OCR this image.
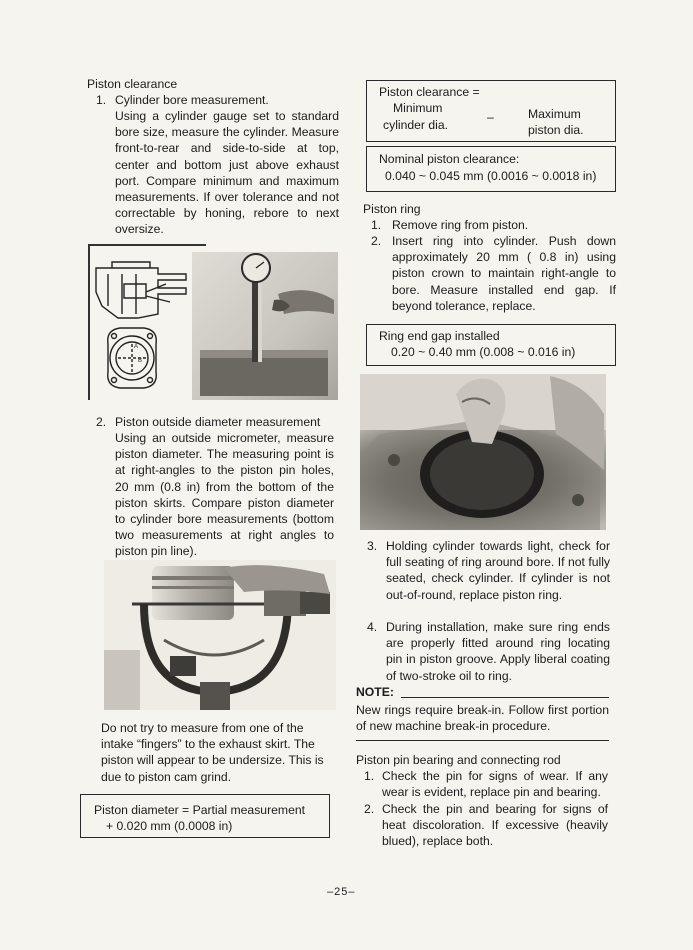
Piston clearance
1. Cylinder bore measurement.
Using a cylinder gauge set to standard bore size, measure the cylinder. Measure front-to-rear and side-to-side at top, center and bottom just above exhaust port. Compare minimum and maximum measurements. If over tolerance and not correctable by honing, rebore to next oversize.
A
B
2. Piston outside diameter measurement
Using an outside micrometer, measure piston diameter. The measuring point is at right-angles to the piston pin holes, 20 mm (0.8 in) from the bottom of the piston skirts. Compare piston diameter to cylinder bore measurements (bottom two measurements at right angles to piston pin line).
Do not try to measure from one of the intake “fingers” to the exhaust skirt. The piston will appear to be undersize. This is due to piston cam grind.
Piston diameter = Partial measurement
+ 0.020 mm (0.0008 in)
Piston clearance =
Minimum
cylinder dia.
–	Maximum
piston dia.
Nominal piston clearance:
0.040 ~ 0.045 mm (0.0016 ~ 0.0018 in)
Piston ring
1. Remove ring from piston.
2. Insert ring into cylinder. Push down approximately 20 mm ( 0.8 in) using piston crown to maintain right-angle to bore. Measure installed end gap. If beyond tolerance, replace.
Ring end gap installed
0.20 ~ 0.40 mm (0.008 ~ 0.016 in)
3. Holding cylinder towards light, check for full seating of ring around bore. If not fully seated, check cylinder. If cylinder is not out-of-round, replace piston ring.
4. During installation, make sure ring ends are properly fitted around ring locating pin in piston groove. Apply liberal coating of two-stroke oil to ring.
NOTE:
New rings require break-in. Follow first portion of new machine break-in procedure.
Piston pin bearing and connecting rod
1. Check the pin for signs of wear. If any wear is evident, replace pin and bearing.
2. Check the pin and bearing for signs of heat discoloration. If excessive (heavily blued), replace both.
–25–
